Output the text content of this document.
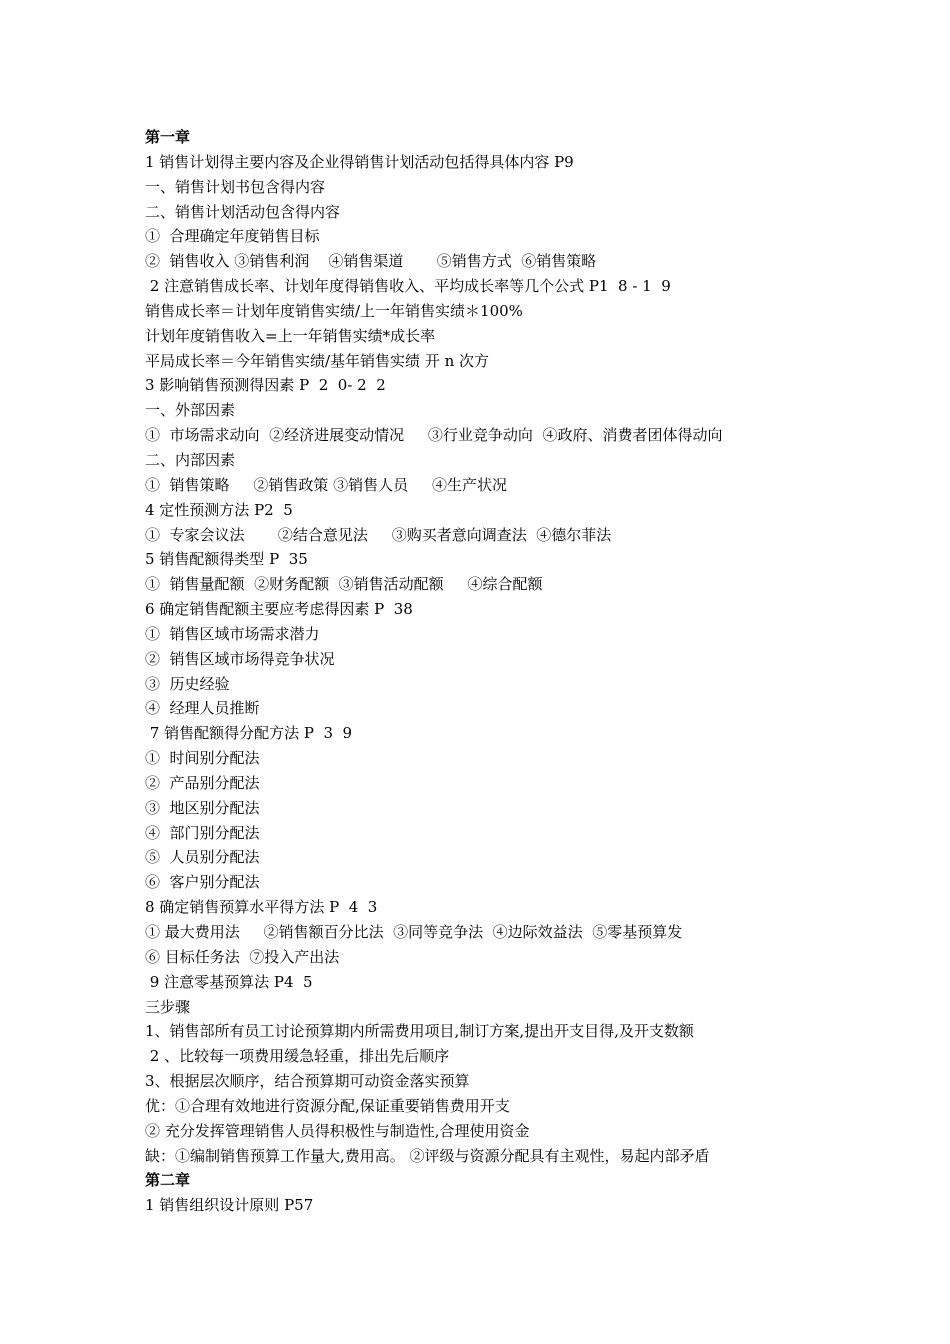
第一章
1 销售计划得主要内容及企业得销售计划活动包括得具体内容 P9
一、销售计划书包含得内容
二、销售计划活动包含得内容
①  合理确定年度销售目标
②  销售收入 ③销售利润    ④销售渠道       ⑤销售方式  ⑥销售策略
2 注意销售成长率、计划年度得销售收入、平均成长率等几个公式 P1  8 - 1  9
销售成长率＝计划年度销售实绩/上一年销售实绩＊100%
计划年度销售收入=上一年销售实绩*成长率
平局成长率＝今年销售实绩/基年销售实绩 开 n 次方
3 影响销售预测得因素 P  2  0- 2  2
一、外部因素
①  市场需求动向  ②经济进展变动情况     ③行业竞争动向  ④政府、消费者团体得动向
二、内部因素
①  销售策略     ②销售政策 ③销售人员     ④生产状况
4 定性预测方法 P2  5
①  专家会议法       ②结合意见法     ③购买者意向调查法  ④德尔菲法
5 销售配额得类型 P  35
①  销售量配额  ②财务配额  ③销售活动配额     ④综合配额
6 确定销售配额主要应考虑得因素 P  38
①  销售区域市场需求潜力
②  销售区域市场得竞争状况
③  历史经验
④  经理人员推断
7 销售配额得分配方法 P  3  9
①  时间别分配法
②  产品别分配法
③  地区别分配法
④  部门别分配法
⑤  人员别分配法
⑥  客户别分配法
8 确定销售预算水平得方法 P  4  3
① 最大费用法     ②销售额百分比法  ③同等竞争法  ④边际效益法  ⑤零基预算发
⑥ 目标任务法  ⑦投入产出法
9 注意零基预算法 P4  5
三步骤
1、销售部所有员工讨论预算期内所需费用项目,制订方案,提出开支目得,及开支数额
2 、比较每一项费用缓急轻重，排出先后顺序
3、根据层次顺序，结合预算期可动资金落实预算
优：①合理有效地进行资源分配,保证重要销售费用开支
② 充分发挥管理销售人员得积极性与制造性,合理使用资金
缺：①编制销售预算工作量大,费用高。 ②评级与资源分配具有主观性，易起内部矛盾
第二章
1 销售组织设计原则 P57
